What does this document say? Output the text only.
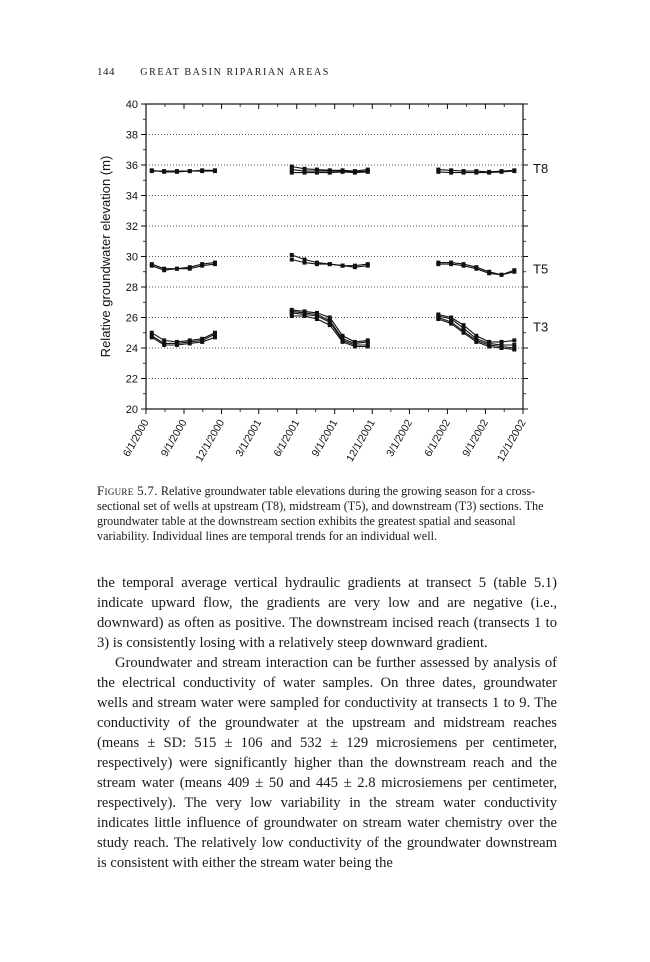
144	GREAT BASIN RIPARIAN AREAS
20
22
24
26
28
30
32
34
36
38
40
6/1/2000 9/1/2000 12/1/2000 3/1/2001 6/1/2001 9/1/2001 12/1/2001 3/1/2002 6/1/2002 9/1/2002 12/1/2002
Relative groundwater elevation (m)	T8
T5
T3
Figure 5.7. Relative groundwater table elevations during the growing season for a cross-sectional set of wells at upstream (T8), midstream (T5), and downstream (T3) sections. The groundwater table at the downstream section exhibits the greatest spatial and seasonal variability. Individual lines are temporal trends for an individual well.

the temporal average vertical hydraulic gradients at transect 5 (table 5.1) indicate upward flow, the gradients are very low and are negative (i.e., downward) as often as positive. The downstream incised reach (transects 1 to 3) is consistently losing with a relatively steep downward gradient.

Groundwater and stream interaction can be further assessed by analysis of the electrical conductivity of water samples. On three dates, groundwater wells and stream water were sampled for conductivity at transects 1 to 9. The conductivity of the groundwater at the upstream and midstream reaches (means ± SD: 515 ± 106 and 532 ± 129 microsiemens per centimeter, respectively) were significantly higher than the downstream reach and the stream water (means 409 ± 50 and 445 ± 2.8 microsiemens per centimeter, respectively). The very low variability in the stream water conductivity indicates little influence of groundwater on stream water chemistry over the study reach. The relatively low conductivity of the groundwater downstream is consistent with either the stream water being the
